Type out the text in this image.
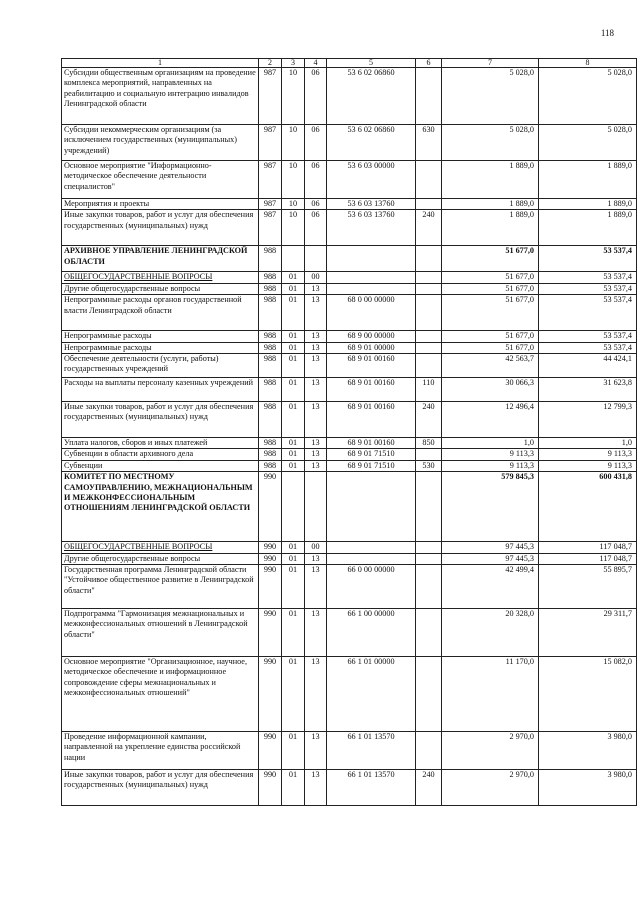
118
1	2	3	4	5	6	7	8
Субсидии общественным организациям на проведение комплекса мероприятий, направленных на реабилитацию и социальную интеграцию инвалидов Ленинградской области	987	10	06	53 6 02 06860		5 028,0	5 028,0
Субсидии некоммерческим организациям (за исключением государственных (муниципальных) учреждений)	987	10	06	53 6 02 06860	630	5 028,0	5 028,0
Основное мероприятие "Информационно-методическое обеспечение деятельности специалистов"	987	10	06	53 6 03 00000		1 889,0	1 889,0
Мероприятия и проекты	987	10	06	53 6 03 13760		1 889,0	1 889,0
Иные закупки товаров, работ и услуг для обеспечения государственных (муниципальных) нужд	987	10	06	53 6 03 13760	240	1 889,0	1 889,0
АРХИВНОЕ УПРАВЛЕНИЕ ЛЕНИНГРАДСКОЙ ОБЛАСТИ	988					51 677,0	53 537,4
ОБЩЕГОСУДАРСТВЕННЫЕ ВОПРОСЫ	988	01	00			51 677,0	53 537,4
Другие общегосударственные вопросы	988	01	13			51 677,0	53 537,4
Непрограммные расходы органов государственной власти Ленинградской области	988	01	13	68 0 00 00000		51 677,0	53 537,4
Непрограммные расходы	988	01	13	68 9 00 00000		51 677,0	53 537,4
Непрограммные расходы	988	01	13	68 9 01 00000		51 677,0	53 537,4
Обеспечение деятельности (услуги, работы) государственных учреждений	988	01	13	68 9 01 00160		42 563,7	44 424,1
Расходы на выплаты персоналу казенных учреждений	988	01	13	68 9 01 00160	110	30 066,3	31 623,8
Иные закупки товаров, работ и услуг для обеспечения государственных (муниципальных) нужд	988	01	13	68 9 01 00160	240	12 496,4	12 799,3
Уплата налогов, сборов и иных платежей	988	01	13	68 9 01 00160	850	1,0	1,0
Субвенции в области архивного дела	988	01	13	68 9 01 71510		9 113,3	9 113,3
Субвенции	988	01	13	68 9 01 71510	530	9 113,3	9 113,3
КОМИТЕТ ПО МЕСТНОМУ САМОУПРАВЛЕНИЮ, МЕЖНАЦИОНАЛЬНЫМ И МЕЖКОНФЕССИОНАЛЬНЫМ ОТНОШЕНИЯМ ЛЕНИНГРАДСКОЙ ОБЛАСТИ	990					579 845,3	600 431,8
ОБЩЕГОСУДАРСТВЕННЫЕ ВОПРОСЫ	990	01	00			97 445,3	117 048,7
Другие общегосударственные вопросы	990	01	13			97 445,3	117 048,7
Государственная программа Ленинградской области "Устойчивое общественное развитие в Ленинградской области"	990	01	13	66 0 00 00000		42 499,4	55 895,7
Подпрограмма "Гармонизация межнациональных и межконфессиональных отношений в Ленинградской области"	990	01	13	66 1 00 00000		20 328,0	29 311,7
Основное мероприятие "Организационное, научное, методическое обеспечение и информационное сопровождение сферы межнациональных и межконфессиональных отношений"	990	01	13	66 1 01 00000		11 170,0	15 082,0
Проведение информационной кампании, направленной на укрепление единства российской нации	990	01	13	66 1 01 13570		2 970,0	3 980,0
Иные закупки товаров, работ и услуг для обеспечения государственных (муниципальных) нужд	990	01	13	66 1 01 13570	240	2 970,0	3 980,0
